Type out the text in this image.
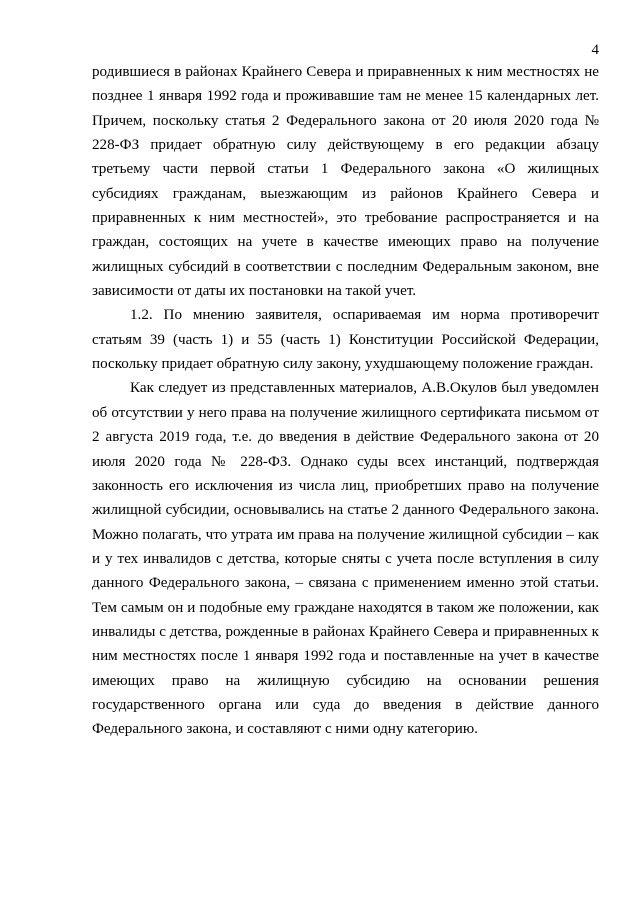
4

родившиеся в районах Крайнего Севера и приравненных к ним местностях не позднее 1 января 1992 года и проживавшие там не менее 15 календарных лет. Причем, поскольку статья 2 Федерального закона от 20 июля 2020 года № 228-ФЗ придает обратную силу действующему в его редакции абзацу третьему части первой статьи 1 Федерального закона «О жилищных субсидиях гражданам, выезжающим из районов Крайнего Севера и приравненных к ним местностей», это требование распространяется и на граждан, состоящих на учете в качестве имеющих право на получение жилищных субсидий в соответствии с последним Федеральным законом, вне зависимости от даты их постановки на такой учет.

1.2. По мнению заявителя, оспариваемая им норма противоречит статьям 39 (часть 1) и 55 (часть 1) Конституции Российской Федерации, поскольку придает обратную силу закону, ухудшающему положение граждан.

Как следует из представленных материалов, А.В.Окулов был уведомлен об отсутствии у него права на получение жилищного сертификата письмом от 2 августа 2019 года, т.е. до введения в действие Федерального закона от 20 июля 2020 года № 228-ФЗ. Однако суды всех инстанций, подтверждая законность его исключения из числа лиц, приобретших право на получение жилищной субсидии, основывались на статье 2 данного Федерального закона. Можно полагать, что утрата им права на получение жилищной субсидии – как и у тех инвалидов с детства, которые сняты с учета после вступления в силу данного Федерального закона, – связана с применением именно этой статьи. Тем самым он и подобные ему граждане находятся в таком же положении, как инвалиды с детства, рожденные в районах Крайнего Севера и приравненных к ним местностях после 1 января 1992 года и поставленные на учет в качестве имеющих право на жилищную субсидию на основании решения государственного органа или суда до введения в действие данного Федерального закона, и составляют с ними одну категорию.
